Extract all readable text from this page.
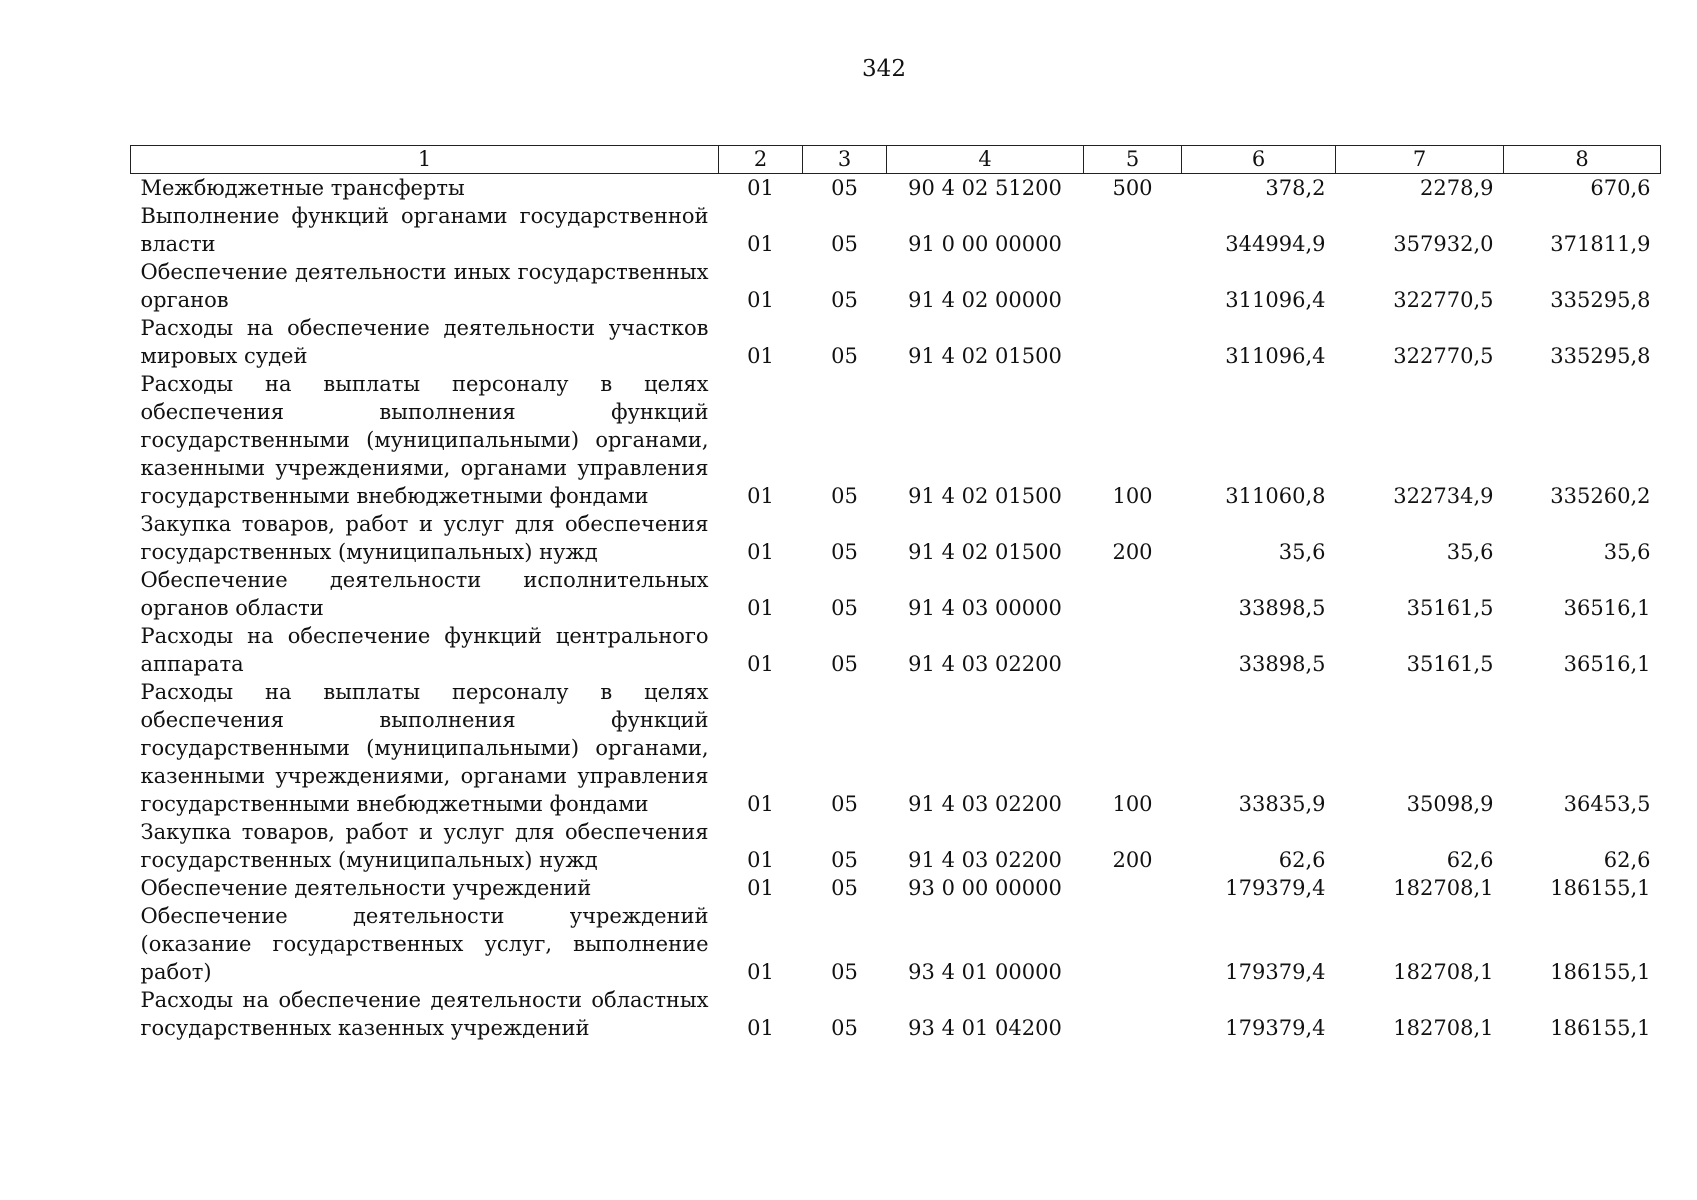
342
1	2	3	4	5	6	7	8
Межбюджетные трансферты	01	05	90 4 02 51200	500	378,2	2278,9	670,6
Выполнение функций органами государственной власти	01	05	91 0 00 00000		344994,9	357932,0	371811,9
Обеспечение деятельности иных государственных органов	01	05	91 4 02 00000		311096,4	322770,5	335295,8
Расходы на обеспечение деятельности участков мировых судей	01	05	91 4 02 01500		311096,4	322770,5	335295,8
Расходы на выплаты персоналу в целях обеспечения выполнения функций государственными (муниципальными) органами, казенными учреждениями, органами управления государственными внебюджетными фондами	01	05	91 4 02 01500	100	311060,8	322734,9	335260,2
Закупка товаров, работ и услуг для обеспечения государственных (муниципальных) нужд	01	05	91 4 02 01500	200	35,6	35,6	35,6
Обеспечение деятельности исполнительных органов области	01	05	91 4 03 00000		33898,5	35161,5	36516,1
Расходы на обеспечение функций центрального аппарата	01	05	91 4 03 02200		33898,5	35161,5	36516,1
Расходы на выплаты персоналу в целях обеспечения выполнения функций государственными (муниципальными) органами, казенными учреждениями, органами управления государственными внебюджетными фондами	01	05	91 4 03 02200	100	33835,9	35098,9	36453,5
Закупка товаров, работ и услуг для обеспечения государственных (муниципальных) нужд	01	05	91 4 03 02200	200	62,6	62,6	62,6
Обеспечение деятельности учреждений	01	05	93 0 00 00000		179379,4	182708,1	186155,1
Обеспечение деятельности учреждений (оказание государственных услуг, выполнение работ)	01	05	93 4 01 00000		179379,4	182708,1	186155,1
Расходы на обеспечение деятельности областных государственных казенных учреждений	01	05	93 4 01 04200		179379,4	182708,1	186155,1
